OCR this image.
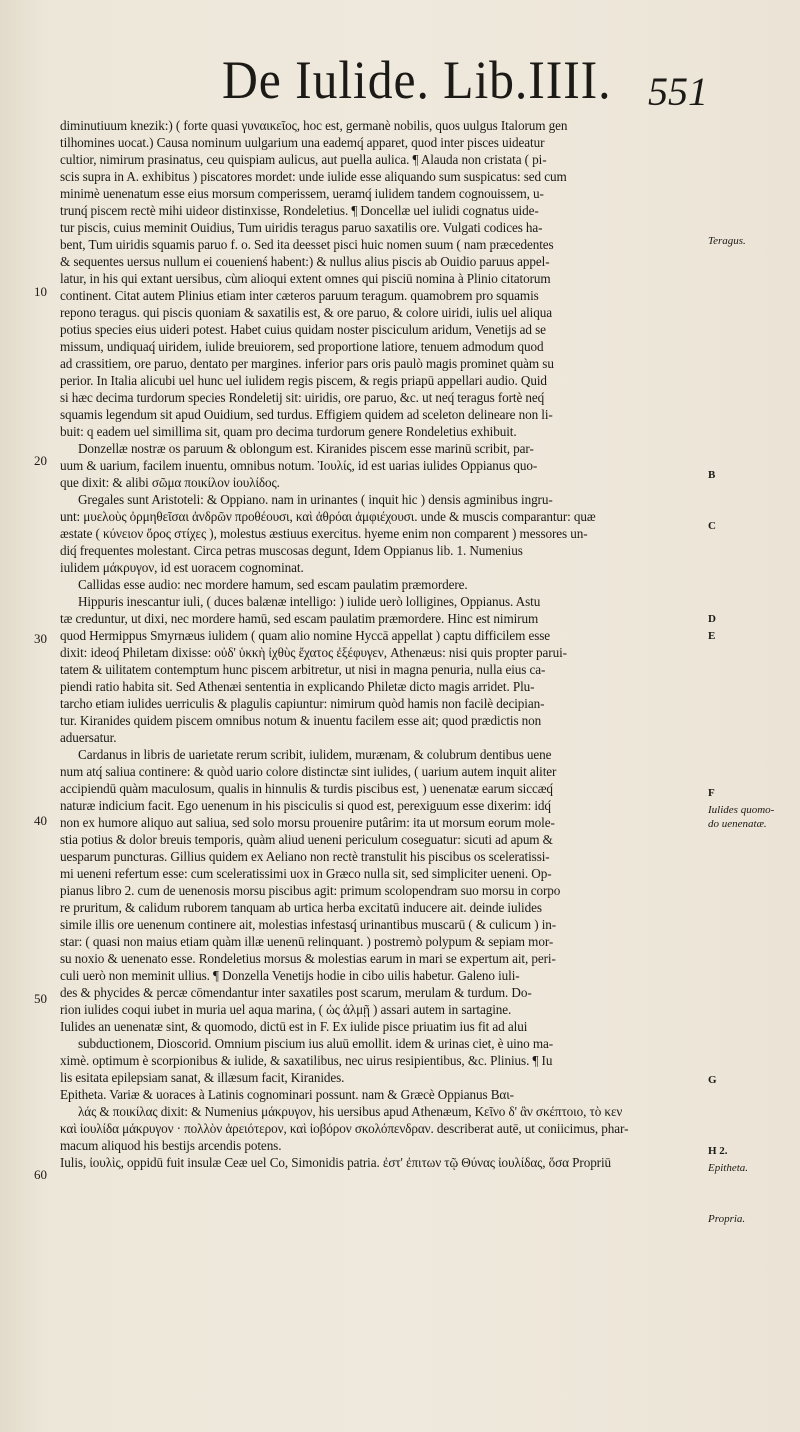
De Iulide. Lib.IIII. 551
diminutiuum knezik:) ( forte quasi γυναικεῖος, hoc est, germanè nobilis, quos uulgus Italorum gen
tilhomines uocat.) Causa nominum uulgarium una eademq́ apparet, quod inter pisces uideatur
cultior, nimirum prasinatus, ceu quispiam aulicus, aut puella aulica. ¶ Alauda non cristata ( pi-
scis supra in A. exhibitus ) piscatores mordet: unde iulide esse aliquando sum suspicatus: sed cum
minimè uenenatum esse eius morsum comperissem, ueramq́ iulidem tandem cognouissem, u-
trunq́ piscem rectè mihi uideor distinxisse, Rondeletius. ¶ Doncellæ uel iulidi cognatus uide-
tur piscis, cuius meminit Ouidius, Tum uiridis teragus paruo saxatilis ore. Vulgati codices ha-
bent, Tum uiridis squamis paruo f. o. Sed ita deesset pisci huic nomen suum ( nam præcedentes
& sequentes uersus nullum ei couenienś habent:) & nullus alius piscis ab Ouidio paruus appel-
latur, in his qui extant uersibus, cùm alioqui extent omnes qui pisciū nomina à Plinio citatorum
continent. Citat autem Plinius etiam inter cæteros paruum teragum. quamobrem pro squamis
repono teragus. qui piscis quoniam & saxatilis est, & ore paruo, & colore uiridi, iulis uel aliqua
potius species eius uideri potest. Habet cuius quidam noster pisciculum aridum, Venetijs ad se
missum, undiquaq́ uiridem, iulide breuiorem, sed proportione latiore, tenuem admodum quod
ad crassitiem, ore paruo, dentato per margines. inferior pars oris paulò magis prominet quàm su
perior. In Italia alicubi uel hunc uel iulidem regis piscem, & regis priapū appellari audio. Quid
si hæc decima turdorum species Rondeletij sit: uiridis, ore paruo, &c. ut neq́ teragus fortè neq́
squamis legendum sit apud Ouidium, sed turdus. Effigiem quidem ad sceleton delineare non li-
buit: q eadem uel simillima sit, quam pro decima turdorum genere Rondeletius exhibuit.
Donzellæ nostræ os paruum & oblongum est. Kiranides piscem esse marinū scribit, par-
uum & uarium, facilem inuentu, omnibus notum. Ἰουλίς, id est uarias iulides Oppianus quo-
que dixit: & alibi σῶμα ποικίλον ἰουλίδος.
Gregales sunt Aristoteli: & Oppiano. nam in urinantes ( inquit hic ) densis agminibus ingru-
unt: μυελοὺς ὀρμηθεῖσαι ἀνδρῶν προθέουσι, καὶ ἀθρόαι ἀμφιέχουσι. unde & muscis comparantur: quæ
æstate ( κύνειον ὄρος στίχες ), molestus æstiuus exercitus. hyeme enim non comparent ) messores un-
diq́ frequentes molestant. Circa petras muscosas degunt, Idem Oppianus lib. 1. Numenius
iulidem μάκρυγον, id est uoracem cognominat.
Callidas esse audio: nec mordere hamum, sed escam paulatim præmordere.
Hippuris inescantur iuli, ( duces balænæ intelligo: ) iulide uerò lolligines, Oppianus. Astu
tæ creduntur, ut dixi, nec mordere hamū, sed escam paulatim præmordere. Hinc est nimirum
quod Hermippus Smyrnæus iulidem ( quam alio nomine Hyccā appellat ) captu difficilem esse
dixit: ideoq́ Philetam dixisse: οὐδ' ὑκκὴ ἰχθὺς ἔχατος ἐξέφυγεν, Athenæus: nisi quis propter parui-
tatem & uilitatem contemptum hunc piscem arbitretur, ut nisi in magna penuria, nulla eius ca-
piendi ratio habita sit. Sed Athenæi sententia in explicando Philetæ dicto magis arridet. Plu-
tarcho etiam iulides uerriculis & plagulis capiuntur: nimirum quòd hamis non facilè decipian-
tur. Kiranides quidem piscem omnibus notum & inuentu facilem esse ait; quod prædictis non
aduersatur.
Cardanus in libris de uarietate rerum scribit, iulidem, murænam, & colubrum dentibus uene
num atq́ saliua continere: & quòd uario colore distinctæ sint iulides, ( uarium autem inquit aliter
accipiendū quàm maculosum, qualis in hinnulis & turdis piscibus est, ) uenenatæ earum siccæq́
naturæ indicium facit. Ego uenenum in his pisciculis si quod est, perexiguum esse dixerim: idq́
non ex humore aliquo aut saliua, sed solo morsu prouenire putârim: ita ut morsum eorum mole-
stia potius & dolor breuis temporis, quàm aliud ueneni periculum coseguatur: sicuti ad apum &
uesparum puncturas. Gillius quidem ex Aeliano non rectè transtulit his piscibus os sceleratissi-
mi ueneni refertum esse: cum sceleratissimi uox in Græco nulla sit, sed simpliciter ueneni. Op-
pianus libro 2. cum de uenenosis morsu piscibus agit: primum scolopendram suo morsu in corpo
re pruritum, & calidum ruborem tanquam ab urtica herba excitatū inducere ait. deinde iulides
simile illis ore uenenum continere ait, molestias infestasq́ urinantibus muscarū ( & culicum ) in-
star: ( quasi non maius etiam quàm illæ uenenū relinquant. ) postremò polypum & sepiam mor-
su noxio & uenenato esse. Rondeletius morsus & molestias earum in mari se expertum ait, peri-
culi uerò non meminit ullius. ¶ Donzella Venetijs hodie in cibo uilis habetur. Galeno iuli-
des & phycides & percæ cōmendantur inter saxatiles post scarum, merulam & turdum. Do-
rion iulides coqui iubet in muria uel aqua marina, ( ὡς ἀλμῇ ) assari autem in sartagine.
Iulides an uenenatæ sint, & quomodo, dictū est in F. Ex iulide pisce priuatim ius fit ad alui
subductionem, Dioscorid. Omnium piscium ius aluū emollit. idem & urinas ciet, è uino ma-
ximè. optimum è scorpionibus & iulide, & saxatilibus, nec uirus resipientibus, &c. Plinius. ¶ Iu
lis esitata epilepsiam sanat, & illæsum facit, Kiranides.
Epitheta. Variæ & uoraces à Latinis cognominari possunt. nam & Græcè Oppianus Βαι-
λάς & ποικίλας dixit: & Numenius μάκρυγον, his uersibus apud Athenæum, Κεῖνο δ' ἂν σκέπτοιο, τὸ κεν
καὶ ἰουλίδα μάκρυγον · πολλὸν ἀρειότερον, καὶ ἰοβόρον σκολόπενδραν. describerat autē, ut coniicimus, phar-
macum aliquod his bestijs arcendis potens.
Iulis, ἰουλὶς, oppidū fuit insulæ Ceæ uel Co, Simonidis patria. ἐστ' ἐπιτων τῷ Θύνας ἰουλίδας, ὅσα Propriū
10
20
30
40
50
60
Teragus.
B
C
D
E
F
Iulides quomo-
do uenenatæ.
G
H 2.
Epitheta.
Propria.
